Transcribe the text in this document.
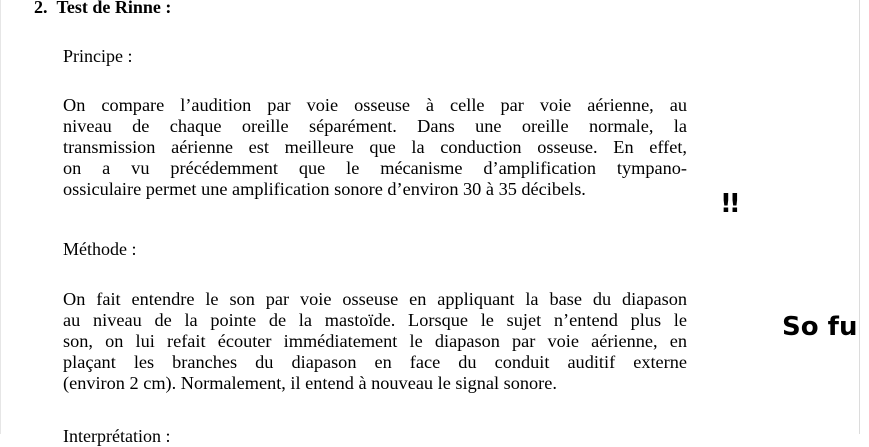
2.  Test de Rinne :
Principe :
On compare l’audition par voie osseuse à celle par voie aérienne, au
niveau de chaque oreille séparément. Dans une oreille normale, la
transmission aérienne est meilleure que la conduction osseuse. En effet,
on a vu précédemment que le mécanisme d’amplification tympano-
ossiculaire permet une amplification sonore d’environ 30 à 35 décibels.
Méthode :
On fait entendre le son par voie osseuse en appliquant la base du diapason
au niveau de la pointe de la mastoïde. Lorsque le sujet n’entend plus le
son, on lui refait écouter immédiatement le diapason par voie aérienne, en
plaçant les branches du diapason en face du conduit auditif externe
(environ 2 cm). Normalement, il entend à nouveau le signal sonore.
Interprétation :
!!
So fu
